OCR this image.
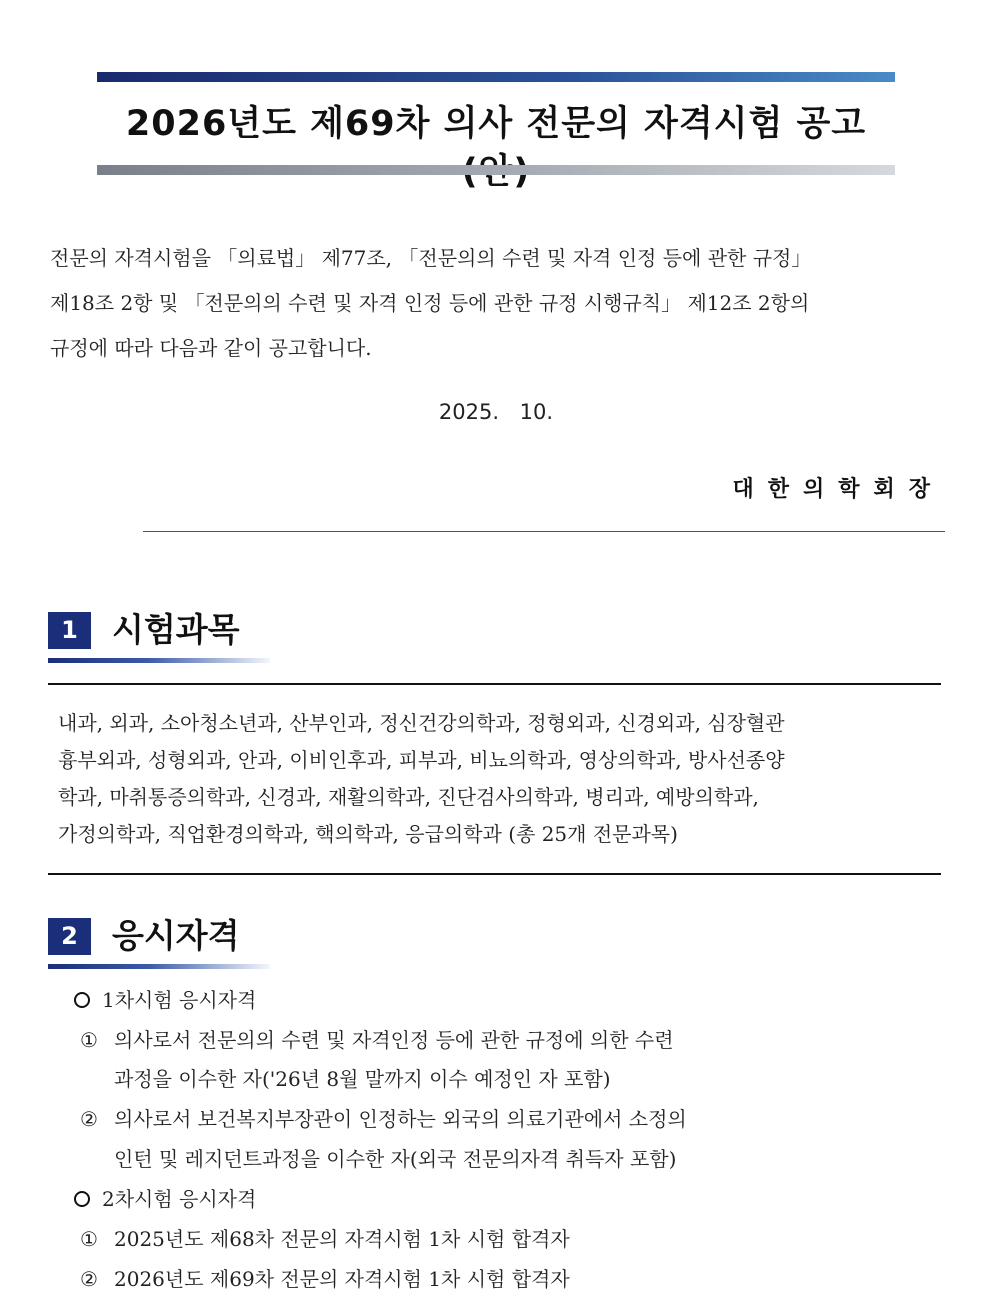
2026년도 제69차 의사 전문의 자격시험 공고
전문의 자격시험을 「의료법」 제77조, 「전문의의 수련 및 자격 인정 등에 관한 규정」
제18조 2항 및 「전문의의 수련 및 자격 인정 등에 관한 규정 시행규칙」 제12조 2항의
규정에 따라 다음과 같이 공고합니다.
2025. 10.
대한의학회장
1	시험과목
내과, 외과, 소아청소년과, 산부인과, 정신건강의학과, 정형외과, 신경외과, 심장혈관
흉부외과, 성형외과, 안과, 이비인후과, 피부과, 비뇨의학과, 영상의학과, 방사선종양
학과, 마취통증의학과, 신경과, 재활의학과, 진단검사의학과, 병리과, 예방의학과,
가정의학과, 직업환경의학과, 핵의학과, 응급의학과 (총 25개 전문과목)
2	응시자격
1차시험 응시자격
① 의사로서 전문의의 수련 및 자격인정 등에 관한 규정에 의한 수련
과정을 이수한 자('26년 8월 말까지 이수 예정인 자 포함)
② 의사로서 보건복지부장관이 인정하는 외국의 의료기관에서 소정의
인턴 및 레지던트과정을 이수한 자(외국 전문의자격 취득자 포함)
2차시험 응시자격
① 2025년도 제68차 전문의 자격시험 1차 시험 합격자
② 2026년도 제69차 전문의 자격시험 1차 시험 합격자
